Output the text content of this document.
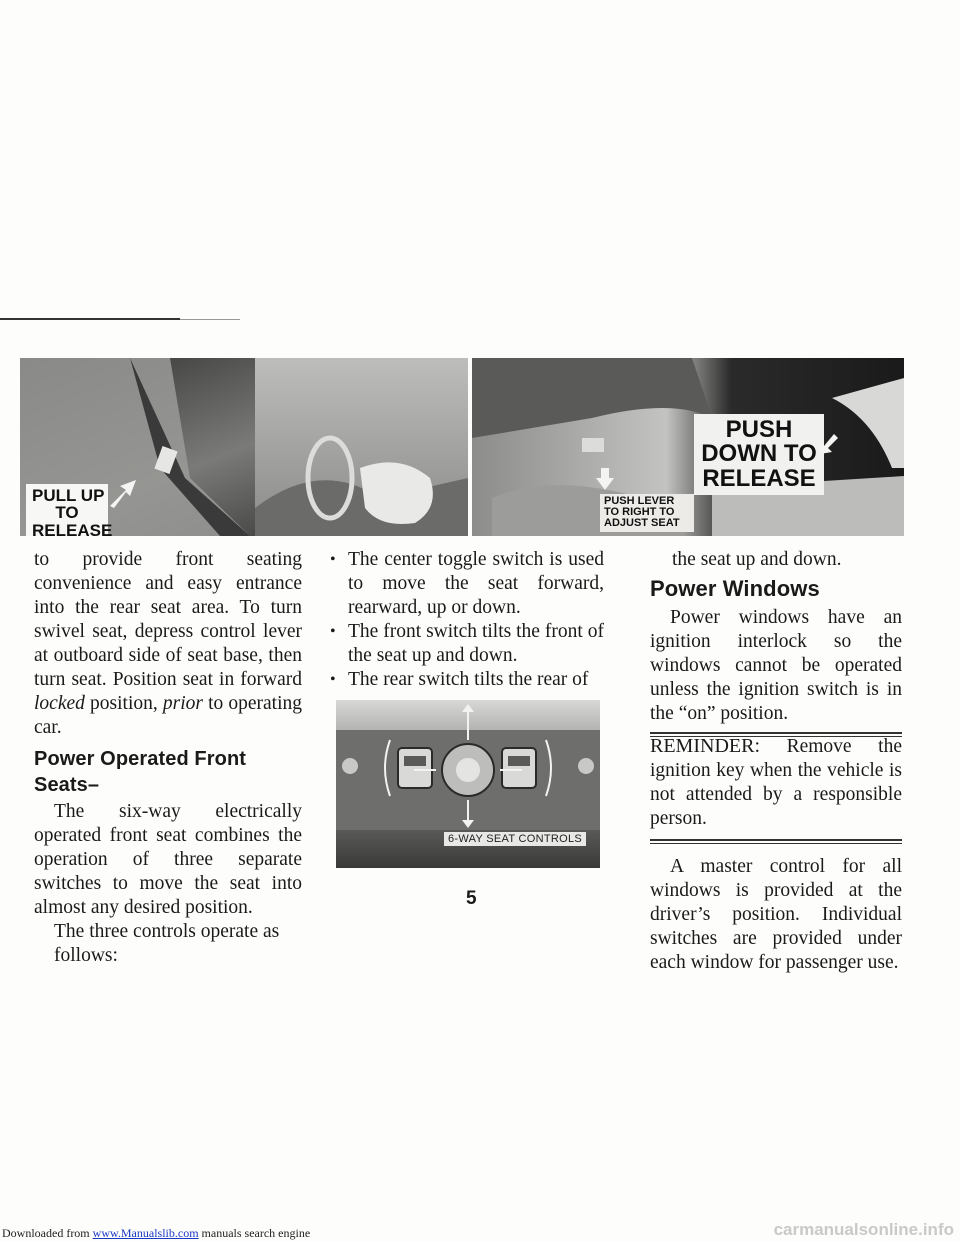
PULL UP
TO
RELEASE
PUSH LEVER
TO RIGHT TO
ADJUST SEAT
PUSH
DOWN TO
RELEASE

to provide front seating convenience and easy entrance into the rear seat area. To turn swivel seat, depress control lever at outboard side of seat base, then turn seat. Position seat in forward locked position, prior to operating car.

Power Operated Front Seats–

The six-way electrically operated front seat combines the operation of three separate switches to move the seat into almost any desired position.

The three controls operate as follows:

• The center toggle switch is used to move the seat forward, rearward, up or down.
• The front switch tilts the front of the seat up and down.
• The rear switch tilts the rear of
6-WAY SEAT CONTROLS

the seat up and down.

Power Windows

Power windows have an ignition interlock so the windows cannot be operated unless the ignition switch is in the “on” position.

REMINDER: Remove the ignition key when the vehicle is not attended by a responsible person.

A master control for all windows is provided at the driver’s position. Individual switches are provided under each window for passenger use.

5
Downloaded from www.Manualslib.com manuals search engine	carmanualsonline.info
